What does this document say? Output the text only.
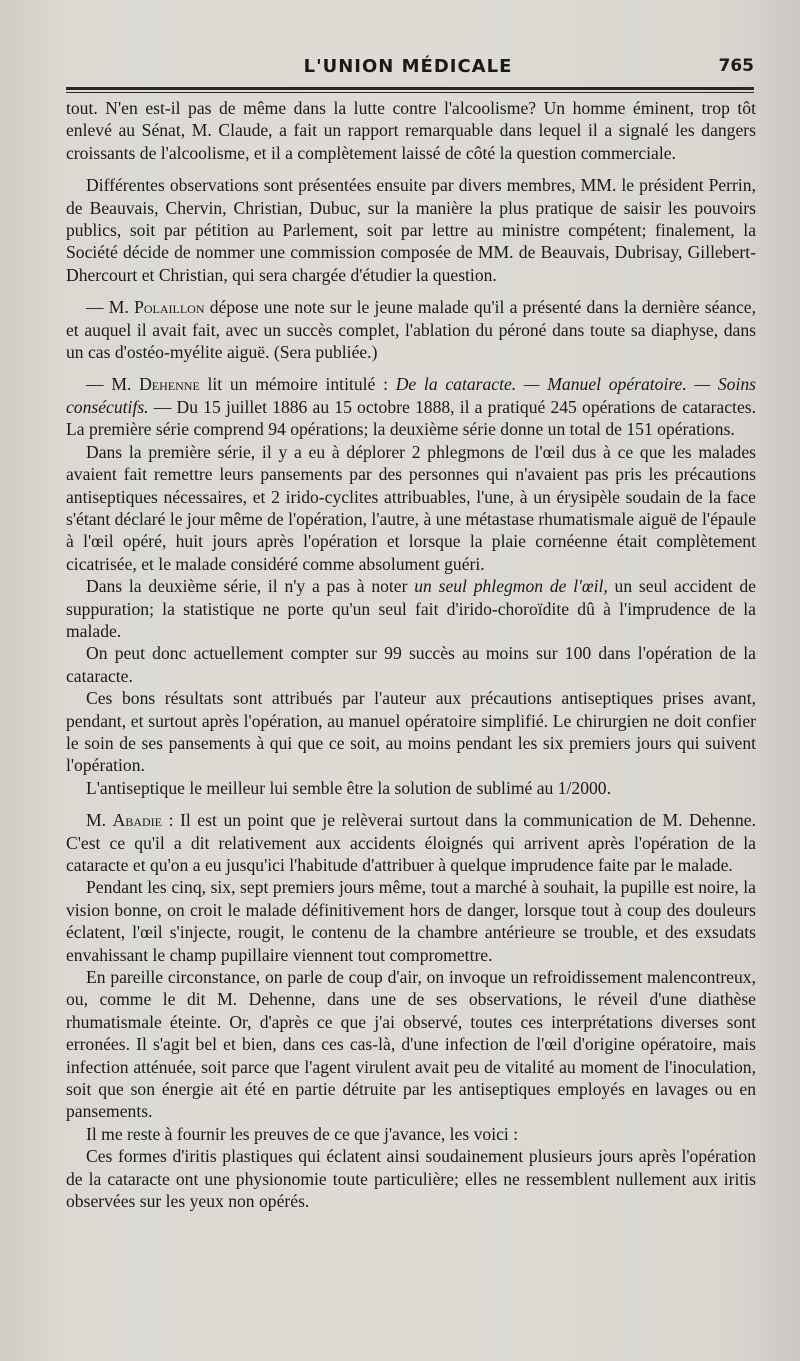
L'UNION MÉDICALE	765

tout. N'en est-il pas de même dans la lutte contre l'alcoolisme? Un homme éminent, trop tôt enlevé au Sénat, M. Claude, a fait un rapport remarquable dans lequel il a signalé les dangers croissants de l'alcoolisme, et il a complètement laissé de côté la question commerciale.

Différentes observations sont présentées ensuite par divers membres, MM. le président Perrin, de Beauvais, Chervin, Christian, Dubuc, sur la manière la plus pratique de saisir les pouvoirs publics, soit par pétition au Parlement, soit par lettre au ministre compétent; finalement, la Société décide de nommer une commission composée de MM. de Beauvais, Dubrisay, Gillebert-Dhercourt et Christian, qui sera chargée d'étudier la question.

— M. Polaillon dépose une note sur le jeune malade qu'il a présenté dans la dernière séance, et auquel il avait fait, avec un succès complet, l'ablation du péroné dans toute sa diaphyse, dans un cas d'ostéo-myélite aiguë. (Sera publiée.)

— M. Dehenne lit un mémoire intitulé : De la cataracte. — Manuel opératoire. — Soins consécutifs. — Du 15 juillet 1886 au 15 octobre 1888, il a pratiqué 245 opérations de cataractes. La première série comprend 94 opérations; la deuxième série donne un total de 151 opérations.

Dans la première série, il y a eu à déplorer 2 phlegmons de l'œil dus à ce que les malades avaient fait remettre leurs pansements par des personnes qui n'avaient pas pris les précautions antiseptiques nécessaires, et 2 irido-cyclites attribuables, l'une, à un érysipèle soudain de la face s'étant déclaré le jour même de l'opération, l'autre, à une métastase rhumatismale aiguë de l'épaule à l'œil opéré, huit jours après l'opération et lorsque la plaie cornéenne était complètement cicatrisée, et le malade considéré comme absolument guéri.

Dans la deuxième série, il n'y a pas à noter un seul phlegmon de l'œil, un seul accident de suppuration; la statistique ne porte qu'un seul fait d'irido-choroïdite dû à l'imprudence de la malade.

On peut donc actuellement compter sur 99 succès au moins sur 100 dans l'opération de la cataracte.

Ces bons résultats sont attribués par l'auteur aux précautions antiseptiques prises avant, pendant, et surtout après l'opération, au manuel opératoire simplifié. Le chirurgien ne doit confier le soin de ses pansements à qui que ce soit, au moins pendant les six premiers jours qui suivent l'opération.

L'antiseptique le meilleur lui semble être la solution de sublimé au 1/2000.

M. Abadie : Il est un point que je relèverai surtout dans la communication de M. Dehenne. C'est ce qu'il a dit relativement aux accidents éloignés qui arrivent après l'opération de la cataracte et qu'on a eu jusqu'ici l'habitude d'attribuer à quelque imprudence faite par le malade.

Pendant les cinq, six, sept premiers jours même, tout a marché à souhait, la pupille est noire, la vision bonne, on croit le malade définitivement hors de danger, lorsque tout à coup des douleurs éclatent, l'œil s'injecte, rougit, le contenu de la chambre antérieure se trouble, et des exsudats envahissant le champ pupillaire viennent tout compromettre.

En pareille circonstance, on parle de coup d'air, on invoque un refroidissement malencontreux, ou, comme le dit M. Dehenne, dans une de ses observations, le réveil d'une diathèse rhumatismale éteinte. Or, d'après ce que j'ai observé, toutes ces interprétations diverses sont erronées. Il s'agit bel et bien, dans ces cas-là, d'une infection de l'œil d'origine opératoire, mais infection atténuée, soit parce que l'agent virulent avait peu de vitalité au moment de l'inoculation, soit que son énergie ait été en partie détruite par les antiseptiques employés en lavages ou en pansements.

Il me reste à fournir les preuves de ce que j'avance, les voici :

Ces formes d'iritis plastiques qui éclatent ainsi soudainement plusieurs jours après l'opération de la cataracte ont une physionomie toute particulière; elles ne ressemblent nullement aux iritis observées sur les yeux non opérés.
